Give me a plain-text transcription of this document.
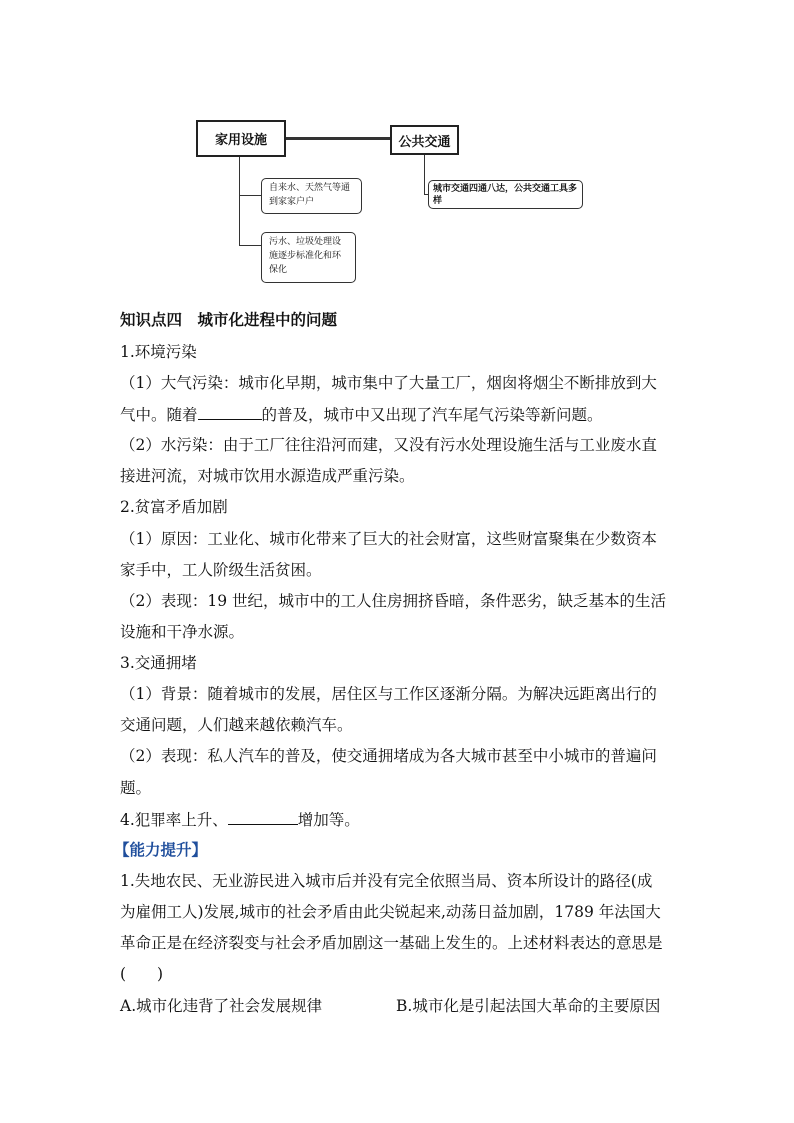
家用设施	公共交通
自来水、天然气等通到家家户户
污水、垃圾处理设施逐步标准化和环保化
城市交通四通八达，公共交通工具多样
知识点四　城市化进程中的问题
1.环境污染
（1）大气污染：城市化早期，城市集中了大量工厂，烟囱将烟尘不断排放到大
气中。随着	的普及，城市中又出现了汽车尾气污染等新问题。
（2）水污染：由于工厂往往沿河而建，又没有污水处理设施生活与工业废水直
接进河流，对城市饮用水源造成严重污染。
2.贫富矛盾加剧
（1）原因：工业化、城市化带来了巨大的社会财富，这些财富聚集在少数资本
家手中，工人阶级生活贫困。
（2）表现：19 世纪，城市中的工人住房拥挤昏暗，条件恶劣，缺乏基本的生活
设施和干净水源。
3.交通拥堵
（1）背景：随着城市的发展，居住区与工作区逐渐分隔。为解决远距离出行的
交通问题，人们越来越依赖汽车。
（2）表现：私人汽车的普及，使交通拥堵成为各大城市甚至中小城市的普遍问
题。
4.犯罪率上升、	增加等。
【能力提升】
1.失地农民、无业游民进入城市后并没有完全依照当局、资本所设计的路径(成
为雇佣工人)发展,城市的社会矛盾由此尖锐起来,动荡日益加剧，1789 年法国大
革命正是在经济裂变与社会矛盾加剧这一基础上发生的。上述材料表达的意思是
(　　)
A.城市化违背了社会发展规律	B.城市化是引起法国大革命的主要原因
